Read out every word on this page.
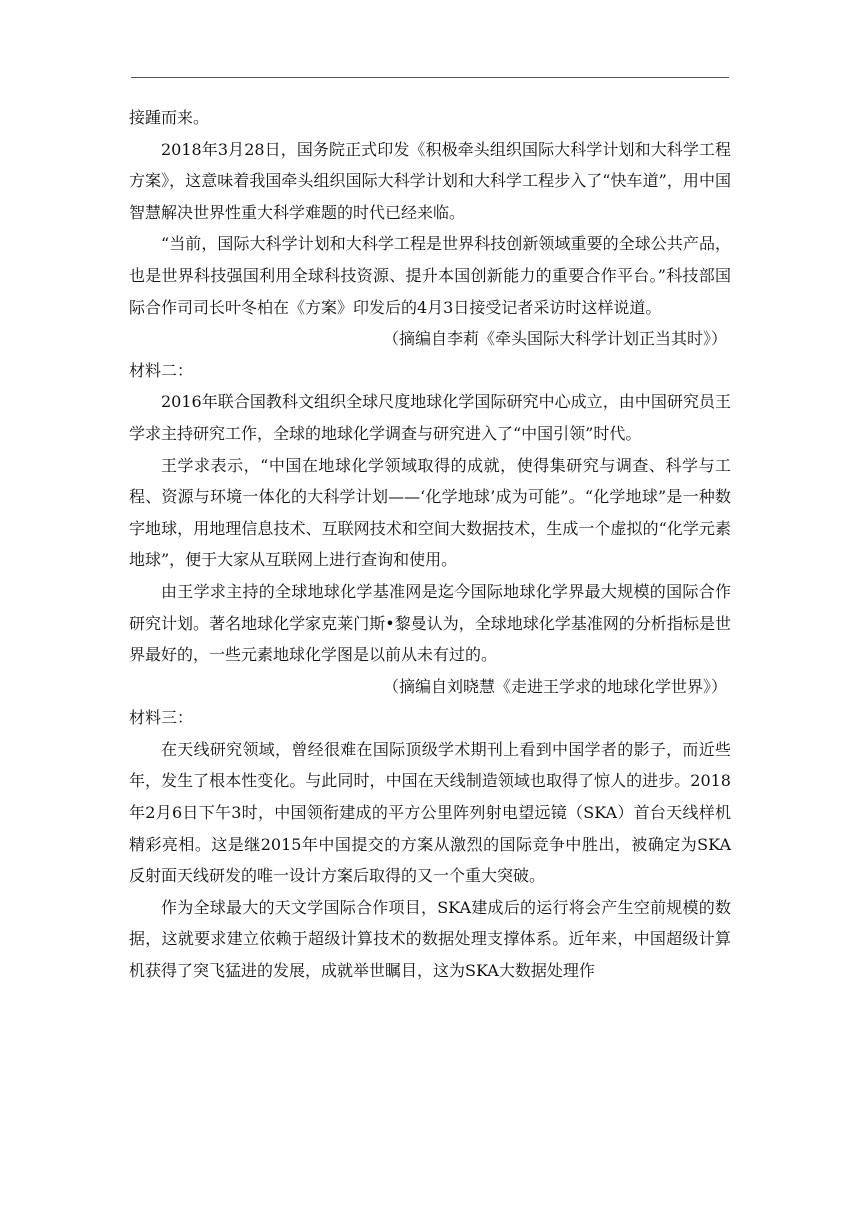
接踵而来。

2018年3月28日，国务院正式印发《积极牵头组织国际大科学计划和大科学工程方案》，这意味着我国牵头组织国际大科学计划和大科学工程步入了“快车道”，用中国智慧解决世界性重大科学难题的时代已经来临。

“当前，国际大科学计划和大科学工程是世界科技创新领域重要的全球公共产品，也是世界科技强国利用全球科技资源、提升本国创新能力的重要合作平台。”科技部国际合作司司长叶冬柏在《方案》印发后的4月3日接受记者采访时这样说道。

（摘编自李莉《牵头国际大科学计划正当其时》）

材料二：

2016年联合国教科文组织全球尺度地球化学国际研究中心成立，由中国研究员王学求主持研究工作，全球的地球化学调查与研究进入了“中国引领”时代。

王学求表示，“中国在地球化学领域取得的成就，使得集研究与调查、科学与工程、资源与环境一体化的大科学计划——‘化学地球’成为可能”。“化学地球”是一种数字地球，用地理信息技术、互联网技术和空间大数据技术，生成一个虚拟的“化学元素地球”，便于大家从互联网上进行查询和使用。

由王学求主持的全球地球化学基准网是迄今国际地球化学界最大规模的国际合作研究计划。著名地球化学家克莱门斯•黎曼认为，全球地球化学基准网的分析指标是世界最好的，一些元素地球化学图是以前从未有过的。

（摘编自刘晓慧《走进王学求的地球化学世界》）

材料三：

在天线研究领域，曾经很难在国际顶级学术期刊上看到中国学者的影子，而近些年，发生了根本性变化。与此同时，中国在天线制造领域也取得了惊人的进步。2018年2月6日下午3时，中国领衔建成的平方公里阵列射电望远镜（SKA）首台天线样机精彩亮相。这是继2015年中国提交的方案从激烈的国际竞争中胜出，被确定为SKA反射面天线研发的唯一设计方案后取得的又一个重大突破。

作为全球最大的天文学国际合作项目，SKA建成后的运行将会产生空前规模的数据，这就要求建立依赖于超级计算技术的数据处理支撑体系。近年来，中国超级计算机获得了突飞猛进的发展，成就举世瞩目，这为SKA大数据处理作
